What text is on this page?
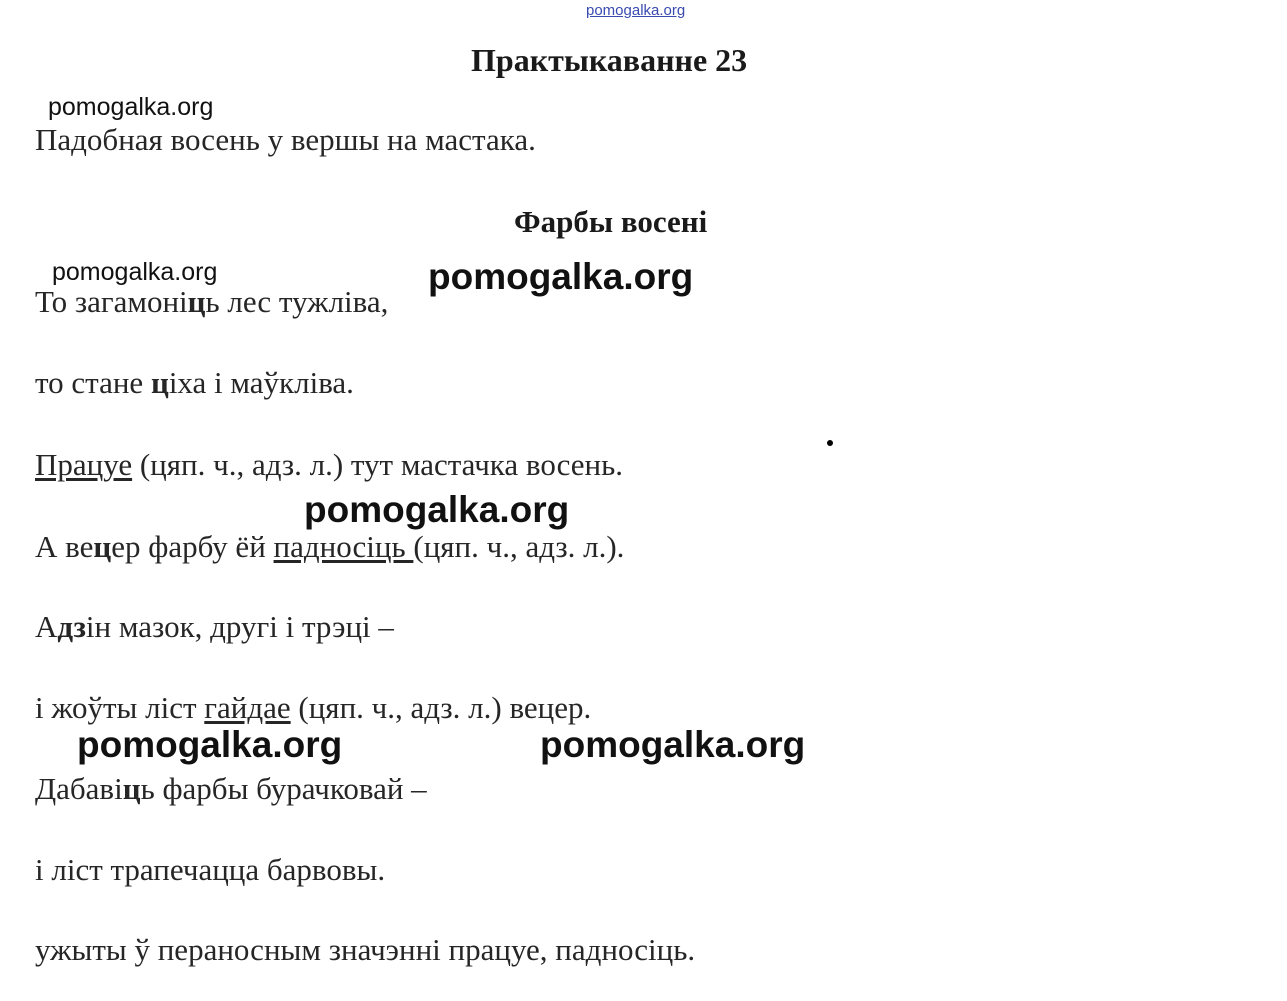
pomogalka.org
Практыкаванне 23
pomogalka.org
Падобная восень у вершы на мастака.
Фарбы восені
pomogalka.org	pomogalka.org
То загамоніць лес тужліва,
то стане ціха і маўкліва.
Працуе (цяп. ч., адз. л.) тут мастачка восень.
pomogalka.org
А вецер фарбу ёй падносіць (цяп. ч., адз. л.).
Адзін мазок, другі і трэці –
і жоўты ліст гайдае (цяп. ч., адз. л.) вецер.
pomogalka.org	pomogalka.org
Дабавіць фарбы бурачковай –
і ліст трапечацца барвовы.
ужыты ў пераносным значэнні працуе, падносіць.
